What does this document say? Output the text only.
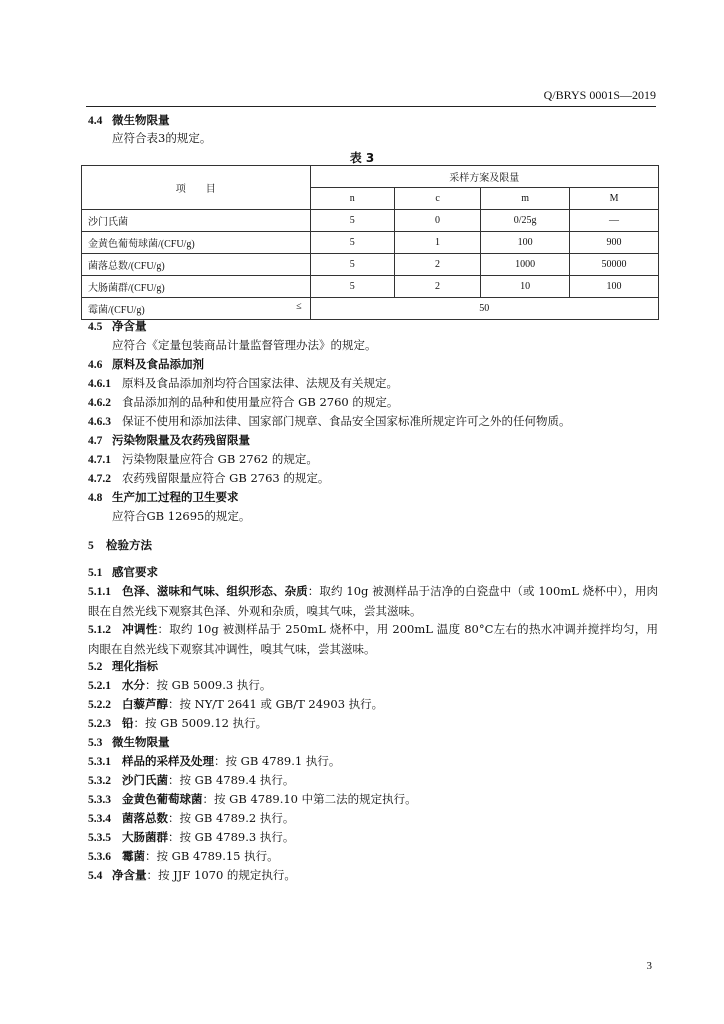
Q/BRYS 0001S—2019
4.4 微生物限量
应符合表3的规定。
表 3
项　　目	采样方案及限量			
	n	c	m	M
沙门氏菌	5	0	0/25g	—
金黄色葡萄球菌/(CFU/g)	5	1	100	900
菌落总数/(CFU/g)	5	2	1000	50000
大肠菌群/(CFU/g)	5	2	10	100
霉菌/(CFU/g) ≤	50			
4.5 净含量
应符合《定量包装商品计量监督管理办法》的规定。
4.6 原料及食品添加剂
4.6.1 原料及食品添加剂均符合国家法律、法规及有关规定。
4.6.2 食品添加剂的品种和使用量应符合 GB 2760 的规定。
4.6.3 保证不使用和添加法律、国家部门规章、食品安全国家标准所规定许可之外的任何物质。
4.7 污染物限量及农药残留限量
4.7.1 污染物限量应符合 GB 2762 的规定。
4.7.2 农药残留限量应符合 GB 2763 的规定。
4.8 生产加工过程的卫生要求
应符合GB 12695的规定。
5 检验方法
5.1 感官要求
5.1.1 色泽、滋味和气味、组织形态、杂质：取约 10g 被测样品于洁净的白瓷盘中（或 100mL 烧杯中），用肉眼在自然光线下观察其色泽、外观和杂质，嗅其气味，尝其滋味。
5.1.2 冲调性：取约 10g 被测样品于 250mL 烧杯中，用 200mL 温度 80°C左右的热水冲调并搅拌均匀，用肉眼在自然光线下观察其冲调性，嗅其气味，尝其滋味。
5.2 理化指标
5.2.1 水分：按 GB 5009.3 执行。
5.2.2 白藜芦醇：按 NY/T 2641 或 GB/T 24903 执行。
5.2.3 铅：按 GB 5009.12 执行。
5.3 微生物限量
5.3.1 样品的采样及处理：按 GB 4789.1 执行。
5.3.2 沙门氏菌：按 GB 4789.4 执行。
5.3.3 金黄色葡萄球菌：按 GB 4789.10 中第二法的规定执行。
5.3.4 菌落总数：按 GB 4789.2 执行。
5.3.5 大肠菌群：按 GB 4789.3 执行。
5.3.6 霉菌：按 GB 4789.15 执行。
5.4 净含量：按 JJF 1070 的规定执行。
3
